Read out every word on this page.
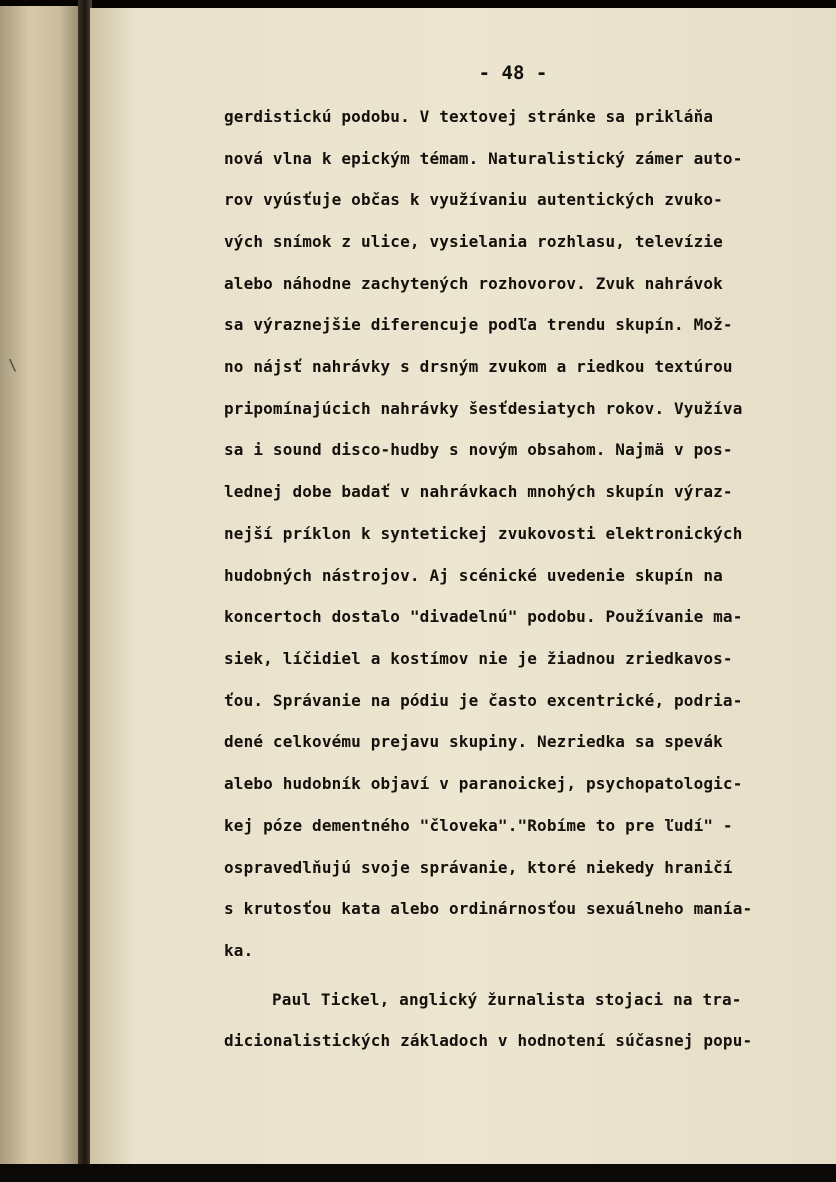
\
- 48 -
gerdistickú podobu. V textovej stránke sa prikláňa
nová vlna k epickým témam. Naturalistický zámer auto-
rov vyúsťuje občas k využívaniu autentických zvuko-
vých snímok z ulice, vysielania rozhlasu, televízie
alebo náhodne zachytených rozhovorov. Zvuk nahrávok
sa výraznejšie diferencuje podľa trendu skupín. Mož-
no nájsť nahrávky s drsným zvukom a riedkou textúrou
pripomínajúcich nahrávky šesťdesiatych rokov. Využíva
sa i sound disco-hudby s novým obsahom. Najmä v pos-
lednej dobe badať v nahrávkach mnohých skupín výraz-
nejší príklon k syntetickej zvukovosti elektronických
hudobných nástrojov. Aj scénické uvedenie skupín na
koncertoch dostalo "divadelnú" podobu. Používanie ma-
siek, líčidiel a kostímov nie je žiadnou zriedkavos-
ťou. Správanie na pódiu je často excentrické, podria-
dené celkovému prejavu skupiny. Nezriedka sa spevák
alebo hudobník objaví v paranoickej, psychopatologic-
kej póze dementného "človeka"."Robíme to pre ľudí" -
ospravedlňujú svoje správanie, ktoré niekedy hraničí
s krutosťou kata alebo ordinárnosťou sexuálneho manía-
ka.
Paul Tickel, anglický žurnalista stojaci na tra-
dicionalistických základoch v hodnotení súčasnej popu-
